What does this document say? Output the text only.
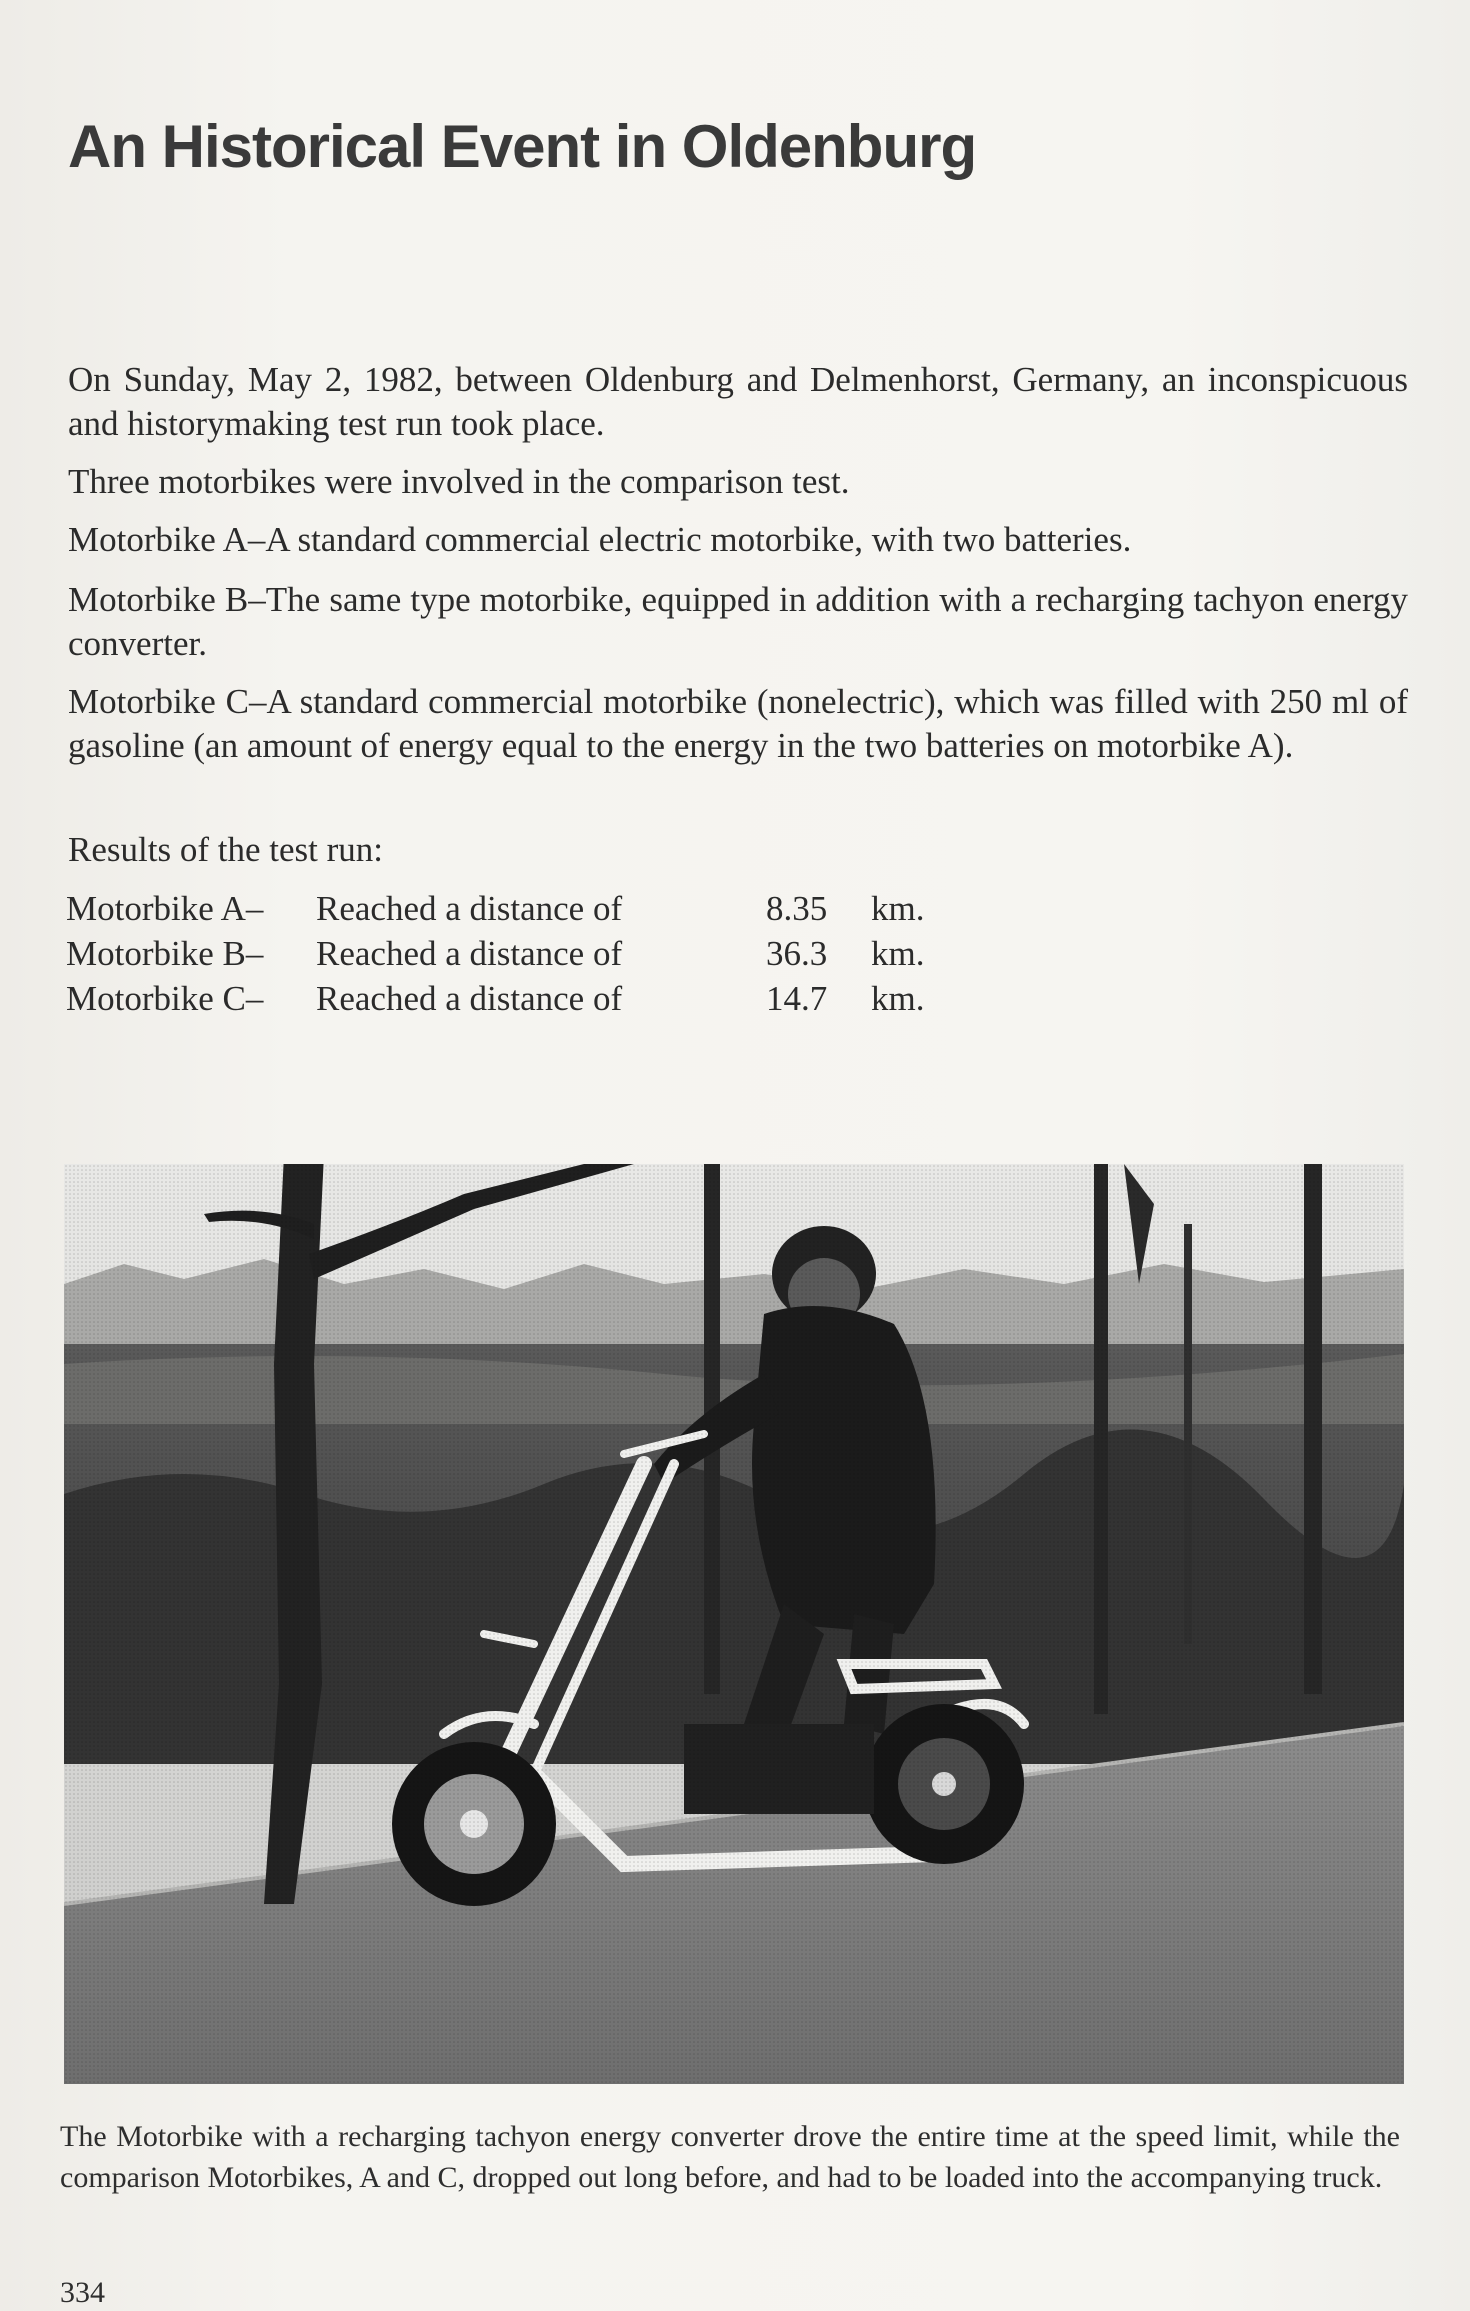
An Historical Event in Oldenburg

On Sunday, May 2, 1982, between Oldenburg and Delmenhorst, Germany, an inconspicuous and historymaking test run took place.

Three motorbikes were involved in the comparison test.

Motorbike A–A standard commercial electric motorbike, with two batteries.

Motorbike B–The same type motorbike, equipped in addition with a recharging tachyon energy converter.

Motorbike C–A standard commercial motorbike (nonelectric), which was filled with 250 ml of gasoline (an amount of energy equal to the energy in the two batteries on motorbike A).

Results of the test run:

Motorbike A–	Reached a distance of	8.35	km.
Motorbike B–	Reached a distance of	36.3	km.
Motorbike C–	Reached a distance of	14.7	km.

The Motorbike with a recharging tachyon energy converter drove the entire time at the speed limit, while the comparison Motorbikes, A and C, dropped out long before, and had to be loaded into the accompanying truck.

334
